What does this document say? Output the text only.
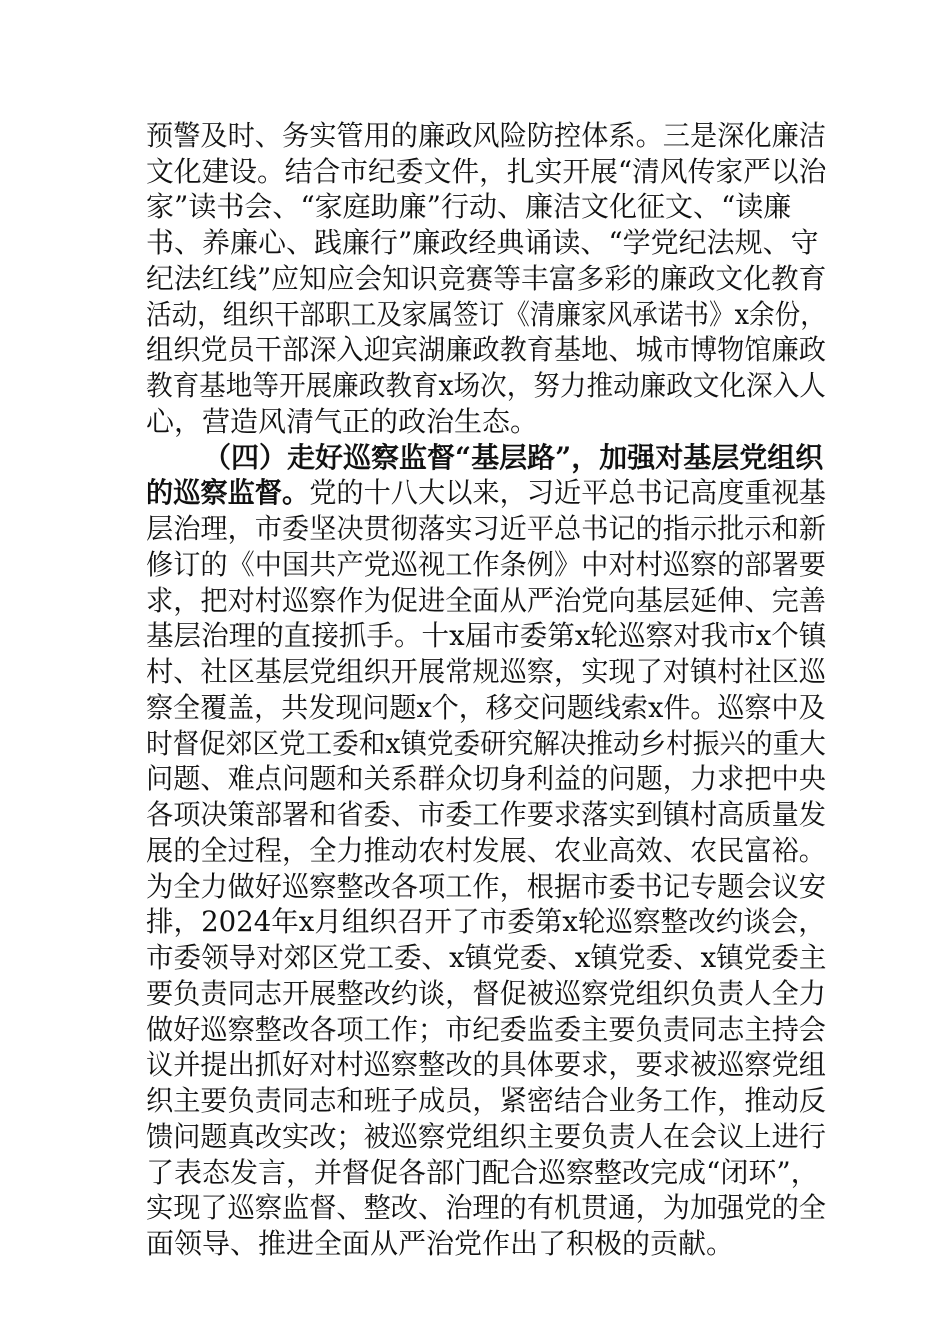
预警及时、务实管用的廉政风险防控体系。三是深化廉洁
文化建设。结合市纪委文件，扎实开展“清风传家严以治
家”读书会、“家庭助廉”行动、廉洁文化征文、“读廉
书、养廉心、践廉行”廉政经典诵读、“学党纪法规、守
纪法红线”应知应会知识竞赛等丰富多彩的廉政文化教育
活动，组织干部职工及家属签订《清廉家风承诺书》x余份，
组织党员干部深入迎宾湖廉政教育基地、城市博物馆廉政
教育基地等开展廉政教育x场次，努力推动廉政文化深入人
心，营造风清气正的政治生态。
（四）走好巡察监督“基层路”，加强对基层党组织
的巡察监督。党的十八大以来，习近平总书记高度重视基
层治理，市委坚决贯彻落实习近平总书记的指示批示和新
修订的《中国共产党巡视工作条例》中对村巡察的部署要
求，把对村巡察作为促进全面从严治党向基层延伸、完善
基层治理的直接抓手。十x届市委第x轮巡察对我市x个镇
村、社区基层党组织开展常规巡察，实现了对镇村社区巡
察全覆盖，共发现问题x个，移交问题线索x件。巡察中及
时督促郊区党工委和x镇党委研究解决推动乡村振兴的重大
问题、难点问题和关系群众切身利益的问题，力求把中央
各项决策部署和省委、市委工作要求落实到镇村高质量发
展的全过程，全力推动农村发展、农业高效、农民富裕。
为全力做好巡察整改各项工作，根据市委书记专题会议安
排，2024年x月组织召开了市委第x轮巡察整改约谈会，
市委领导对郊区党工委、x镇党委、x镇党委、x镇党委主
要负责同志开展整改约谈，督促被巡察党组织负责人全力
做好巡察整改各项工作；市纪委监委主要负责同志主持会
议并提出抓好对村巡察整改的具体要求，要求被巡察党组
织主要负责同志和班子成员，紧密结合业务工作，推动反
馈问题真改实改；被巡察党组织主要负责人在会议上进行
了表态发言，并督促各部门配合巡察整改完成“闭环”，
实现了巡察监督、整改、治理的有机贯通，为加强党的全
面领导、推进全面从严治党作出了积极的贡献。
